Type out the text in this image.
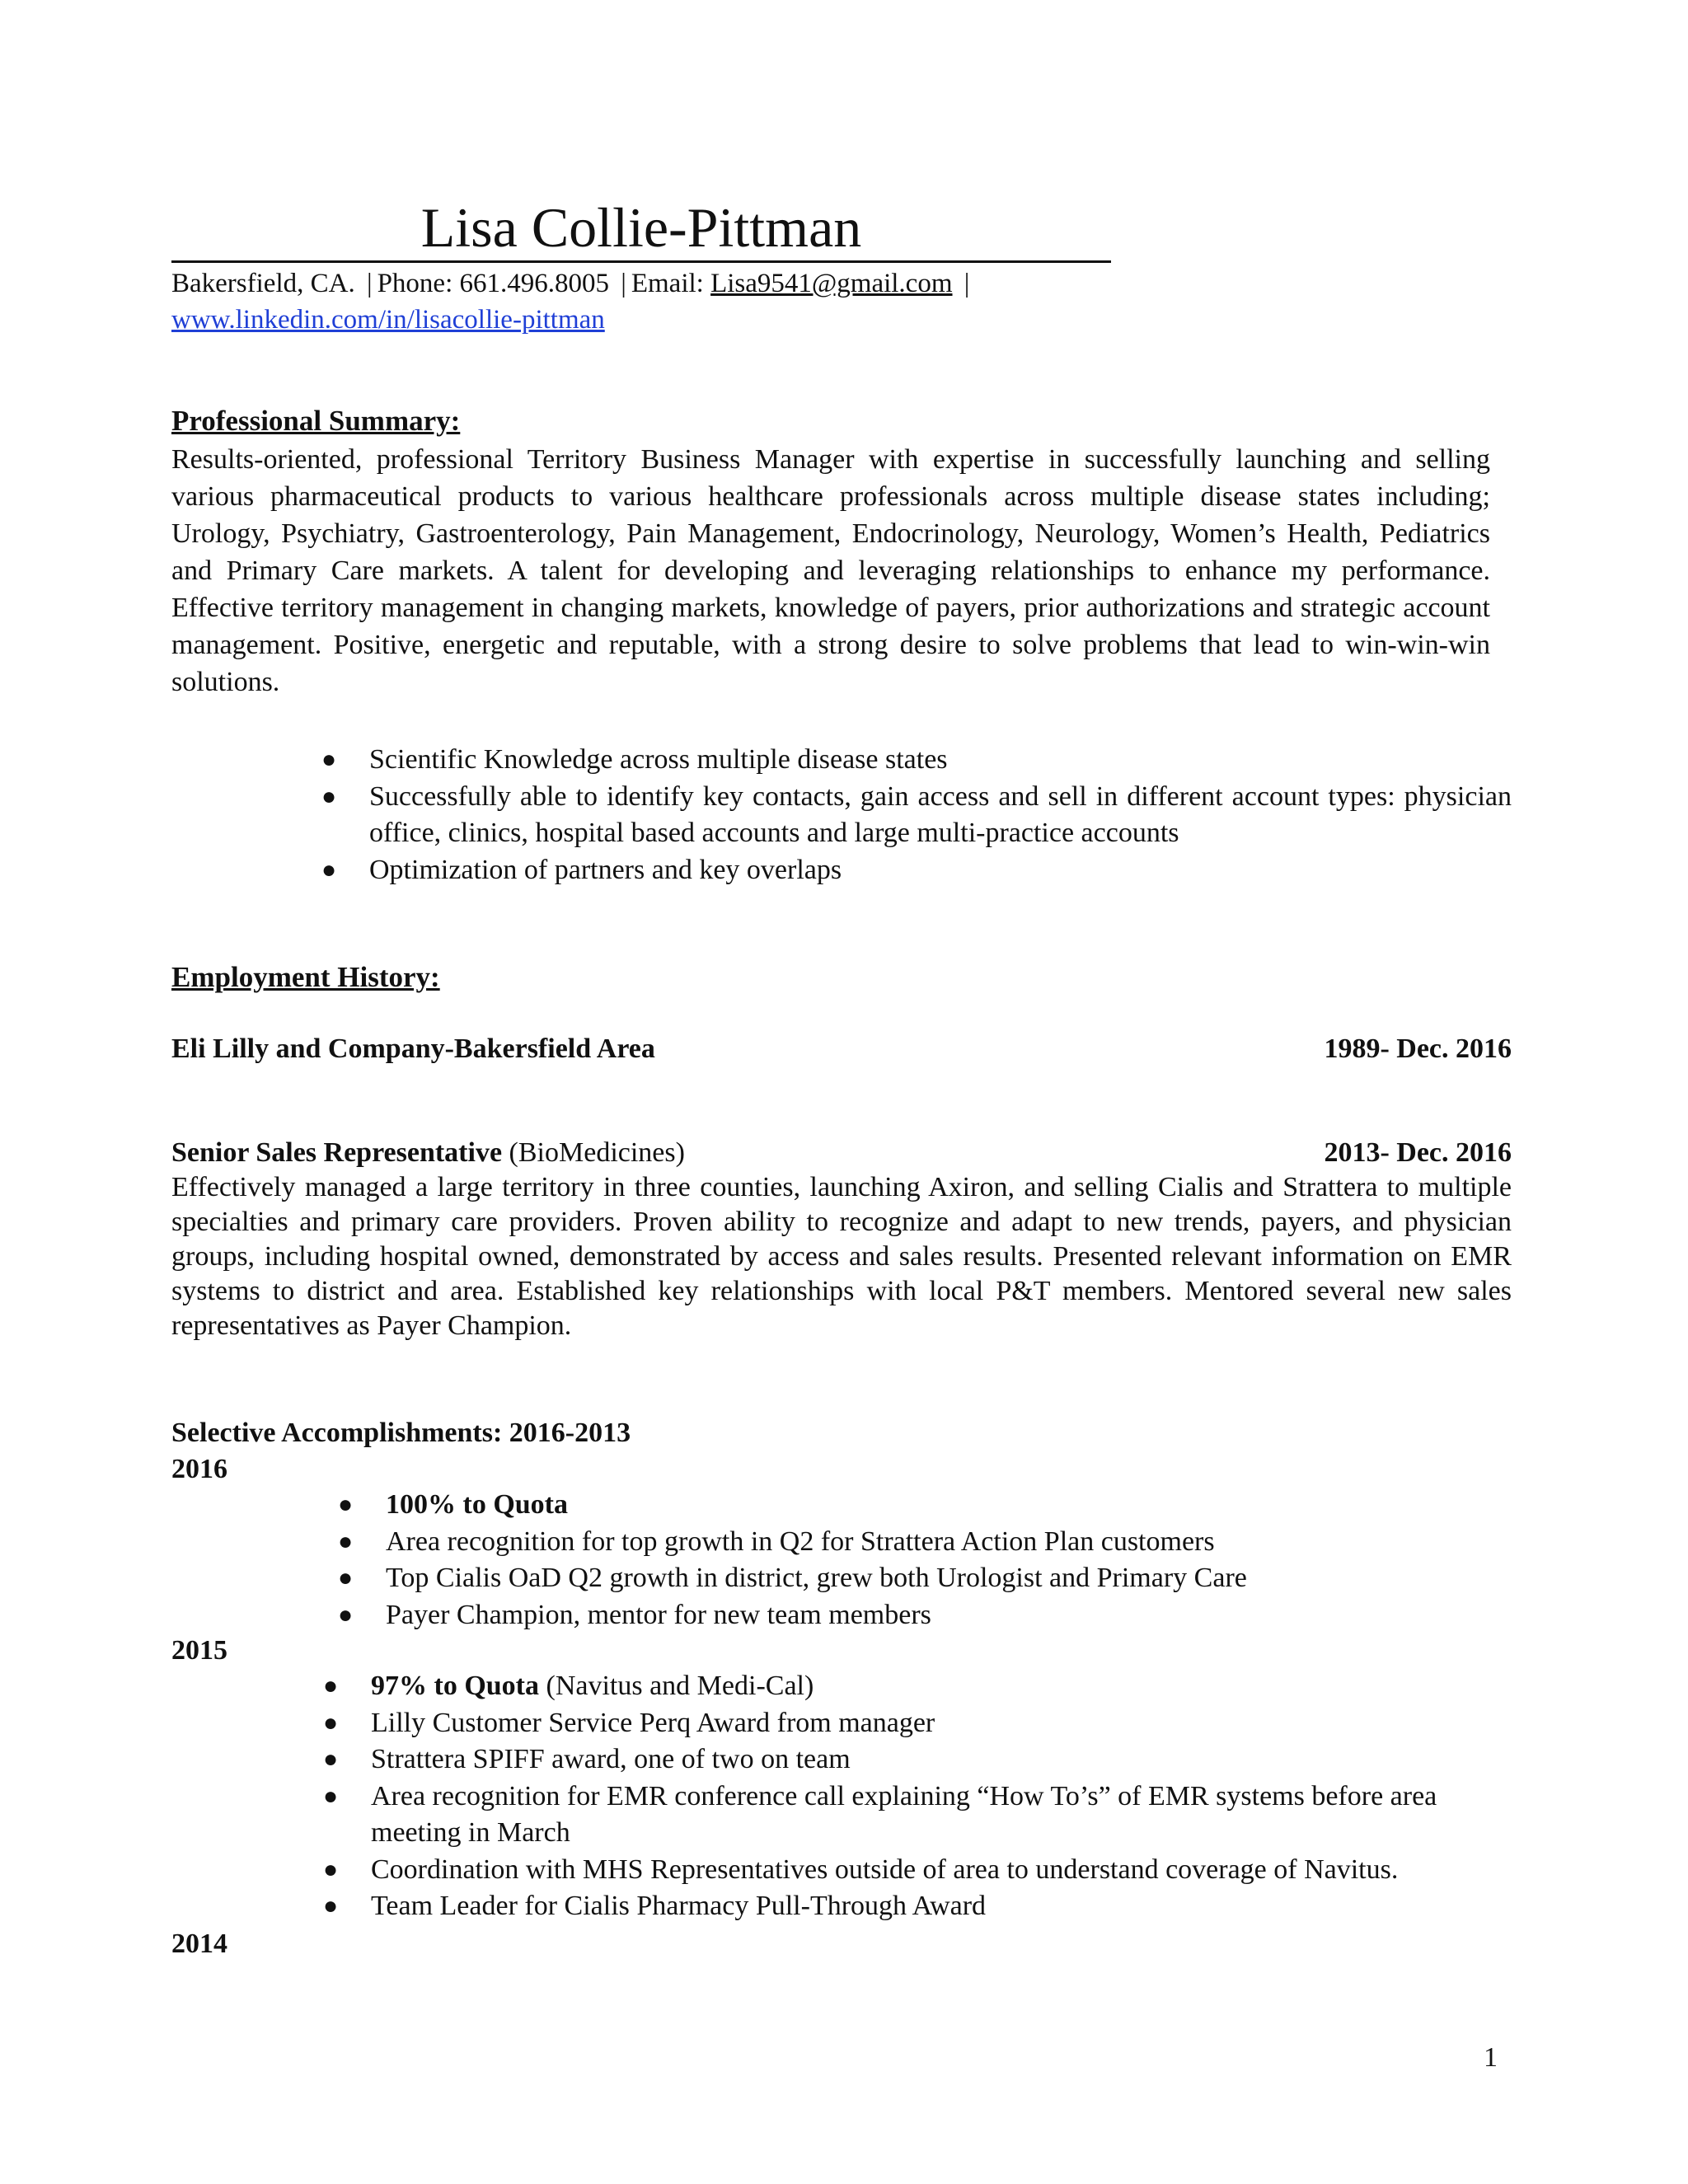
Lisa Collie-Pittman
Bakersfield, CA. | Phone: 661.496.8005 | Email: Lisa9541@gmail.com |
www.linkedin.com/in/lisacollie-pittman
Professional Summary:
Results-oriented, professional Territory Business Manager with expertise in successfully launching and selling various pharmaceutical products to various healthcare professionals across multiple disease states including; Urology, Psychiatry, Gastroenterology, Pain Management, Endocrinology, Neurology, Women’s Health, Pediatrics and Primary Care markets. A talent for developing and leveraging relationships to enhance my performance. Effective territory management in changing markets, knowledge of payers, prior authorizations and strategic account management. Positive, energetic and reputable, with a strong desire to solve problems that lead to win-win-win solutions.
● Scientific Knowledge across multiple disease states
● Successfully able to identify key contacts, gain access and sell in different account types: physician office, clinics, hospital based accounts and large multi-practice accounts
● Optimization of partners and key overlaps
Employment History:
Eli Lilly and Company-Bakersfield Area	1989- Dec. 2016
Senior Sales Representative (BioMedicines)	2013- Dec. 2016
Effectively managed a large territory in three counties, launching Axiron, and selling Cialis and Strattera to multiple specialties and primary care providers. Proven ability to recognize and adapt to new trends, payers, and physician groups, including hospital owned, demonstrated by access and sales results. Presented relevant information on EMR systems to district and area. Established key relationships with local P&T members. Mentored several new sales representatives as Payer Champion.
Selective Accomplishments: 2016-2013
2016
● 100% to Quota
● Area recognition for top growth in Q2 for Strattera Action Plan customers
● Top Cialis OaD Q2 growth in district, grew both Urologist and Primary Care
● Payer Champion, mentor for new team members
2015
● 97% to Quota (Navitus and Medi-Cal)
● Lilly Customer Service Perq Award from manager
● Strattera SPIFF award, one of two on team
● Area recognition for EMR conference call explaining “How To’s” of EMR systems before area meeting in March
● Coordination with MHS Representatives outside of area to understand coverage of Navitus.
● Team Leader for Cialis Pharmacy Pull-Through Award
2014
1
